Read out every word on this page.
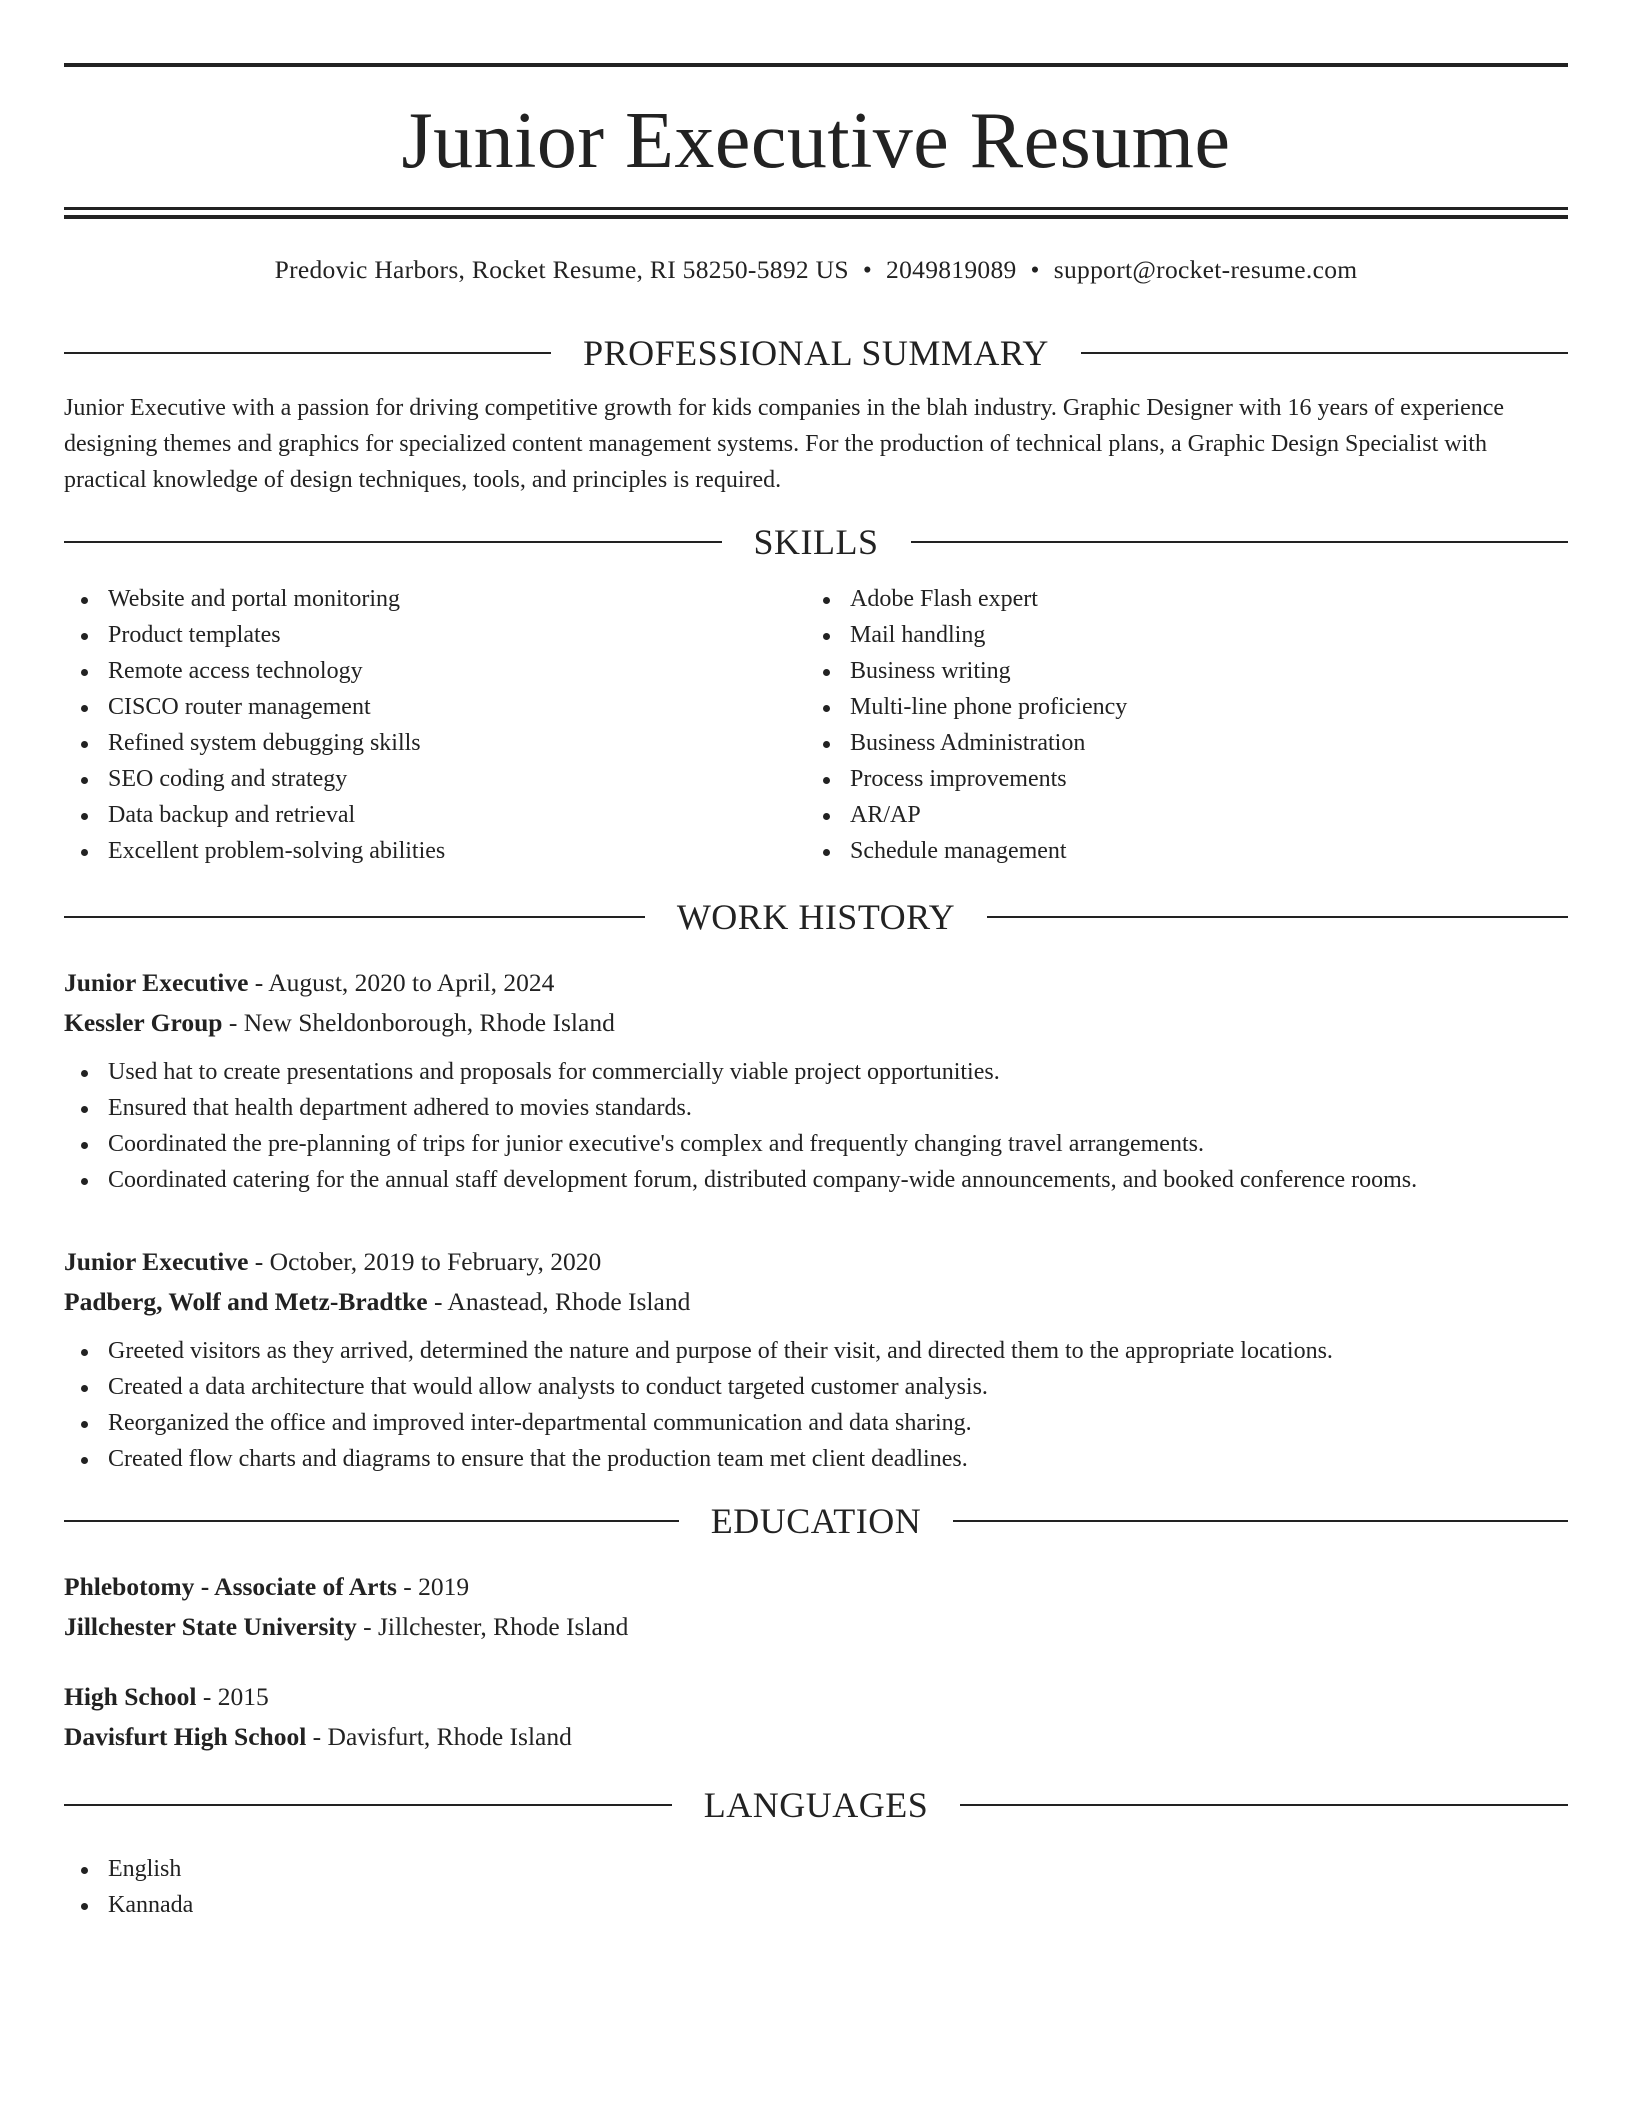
Junior Executive Resume
Predovic Harbors, Rocket Resume, RI 58250-5892 US • 2049819089 • support@rocket-resume.com
PROFESSIONAL SUMMARY

Junior Executive with a passion for driving competitive growth for kids companies in the blah industry. Graphic Designer with 16 years of experience designing themes and graphics for specialized content management systems. For the production of technical plans, a Graphic Design Specialist with practical knowledge of design techniques, tools, and principles is required.

SKILLS
Website and portal monitoring
Product templates
Remote access technology
CISCO router management
Refined system debugging skills
SEO coding and strategy
Data backup and retrieval
Excellent problem-solving abilities
Adobe Flash expert
Mail handling
Business writing
Multi-line phone proficiency
Business Administration
Process improvements
AR/AP
Schedule management
WORK HISTORY
Junior Executive - August, 2020 to April, 2024
Kessler Group - New Sheldonborough, Rhode Island
Used hat to create presentations and proposals for commercially viable project opportunities.
Ensured that health department adhered to movies standards.
Coordinated the pre-planning of trips for junior executive's complex and frequently changing travel arrangements.
Coordinated catering for the annual staff development forum, distributed company-wide announcements, and booked conference rooms.
Junior Executive - October, 2019 to February, 2020
Padberg, Wolf and Metz-Bradtke - Anastead, Rhode Island
Greeted visitors as they arrived, determined the nature and purpose of their visit, and directed them to the appropriate locations.
Created a data architecture that would allow analysts to conduct targeted customer analysis.
Reorganized the office and improved inter-departmental communication and data sharing.
Created flow charts and diagrams to ensure that the production team met client deadlines.
EDUCATION
Phlebotomy - Associate of Arts - 2019
Jillchester State University - Jillchester, Rhode Island
High School - 2015
Davisfurt High School - Davisfurt, Rhode Island
LANGUAGES
English
Kannada
